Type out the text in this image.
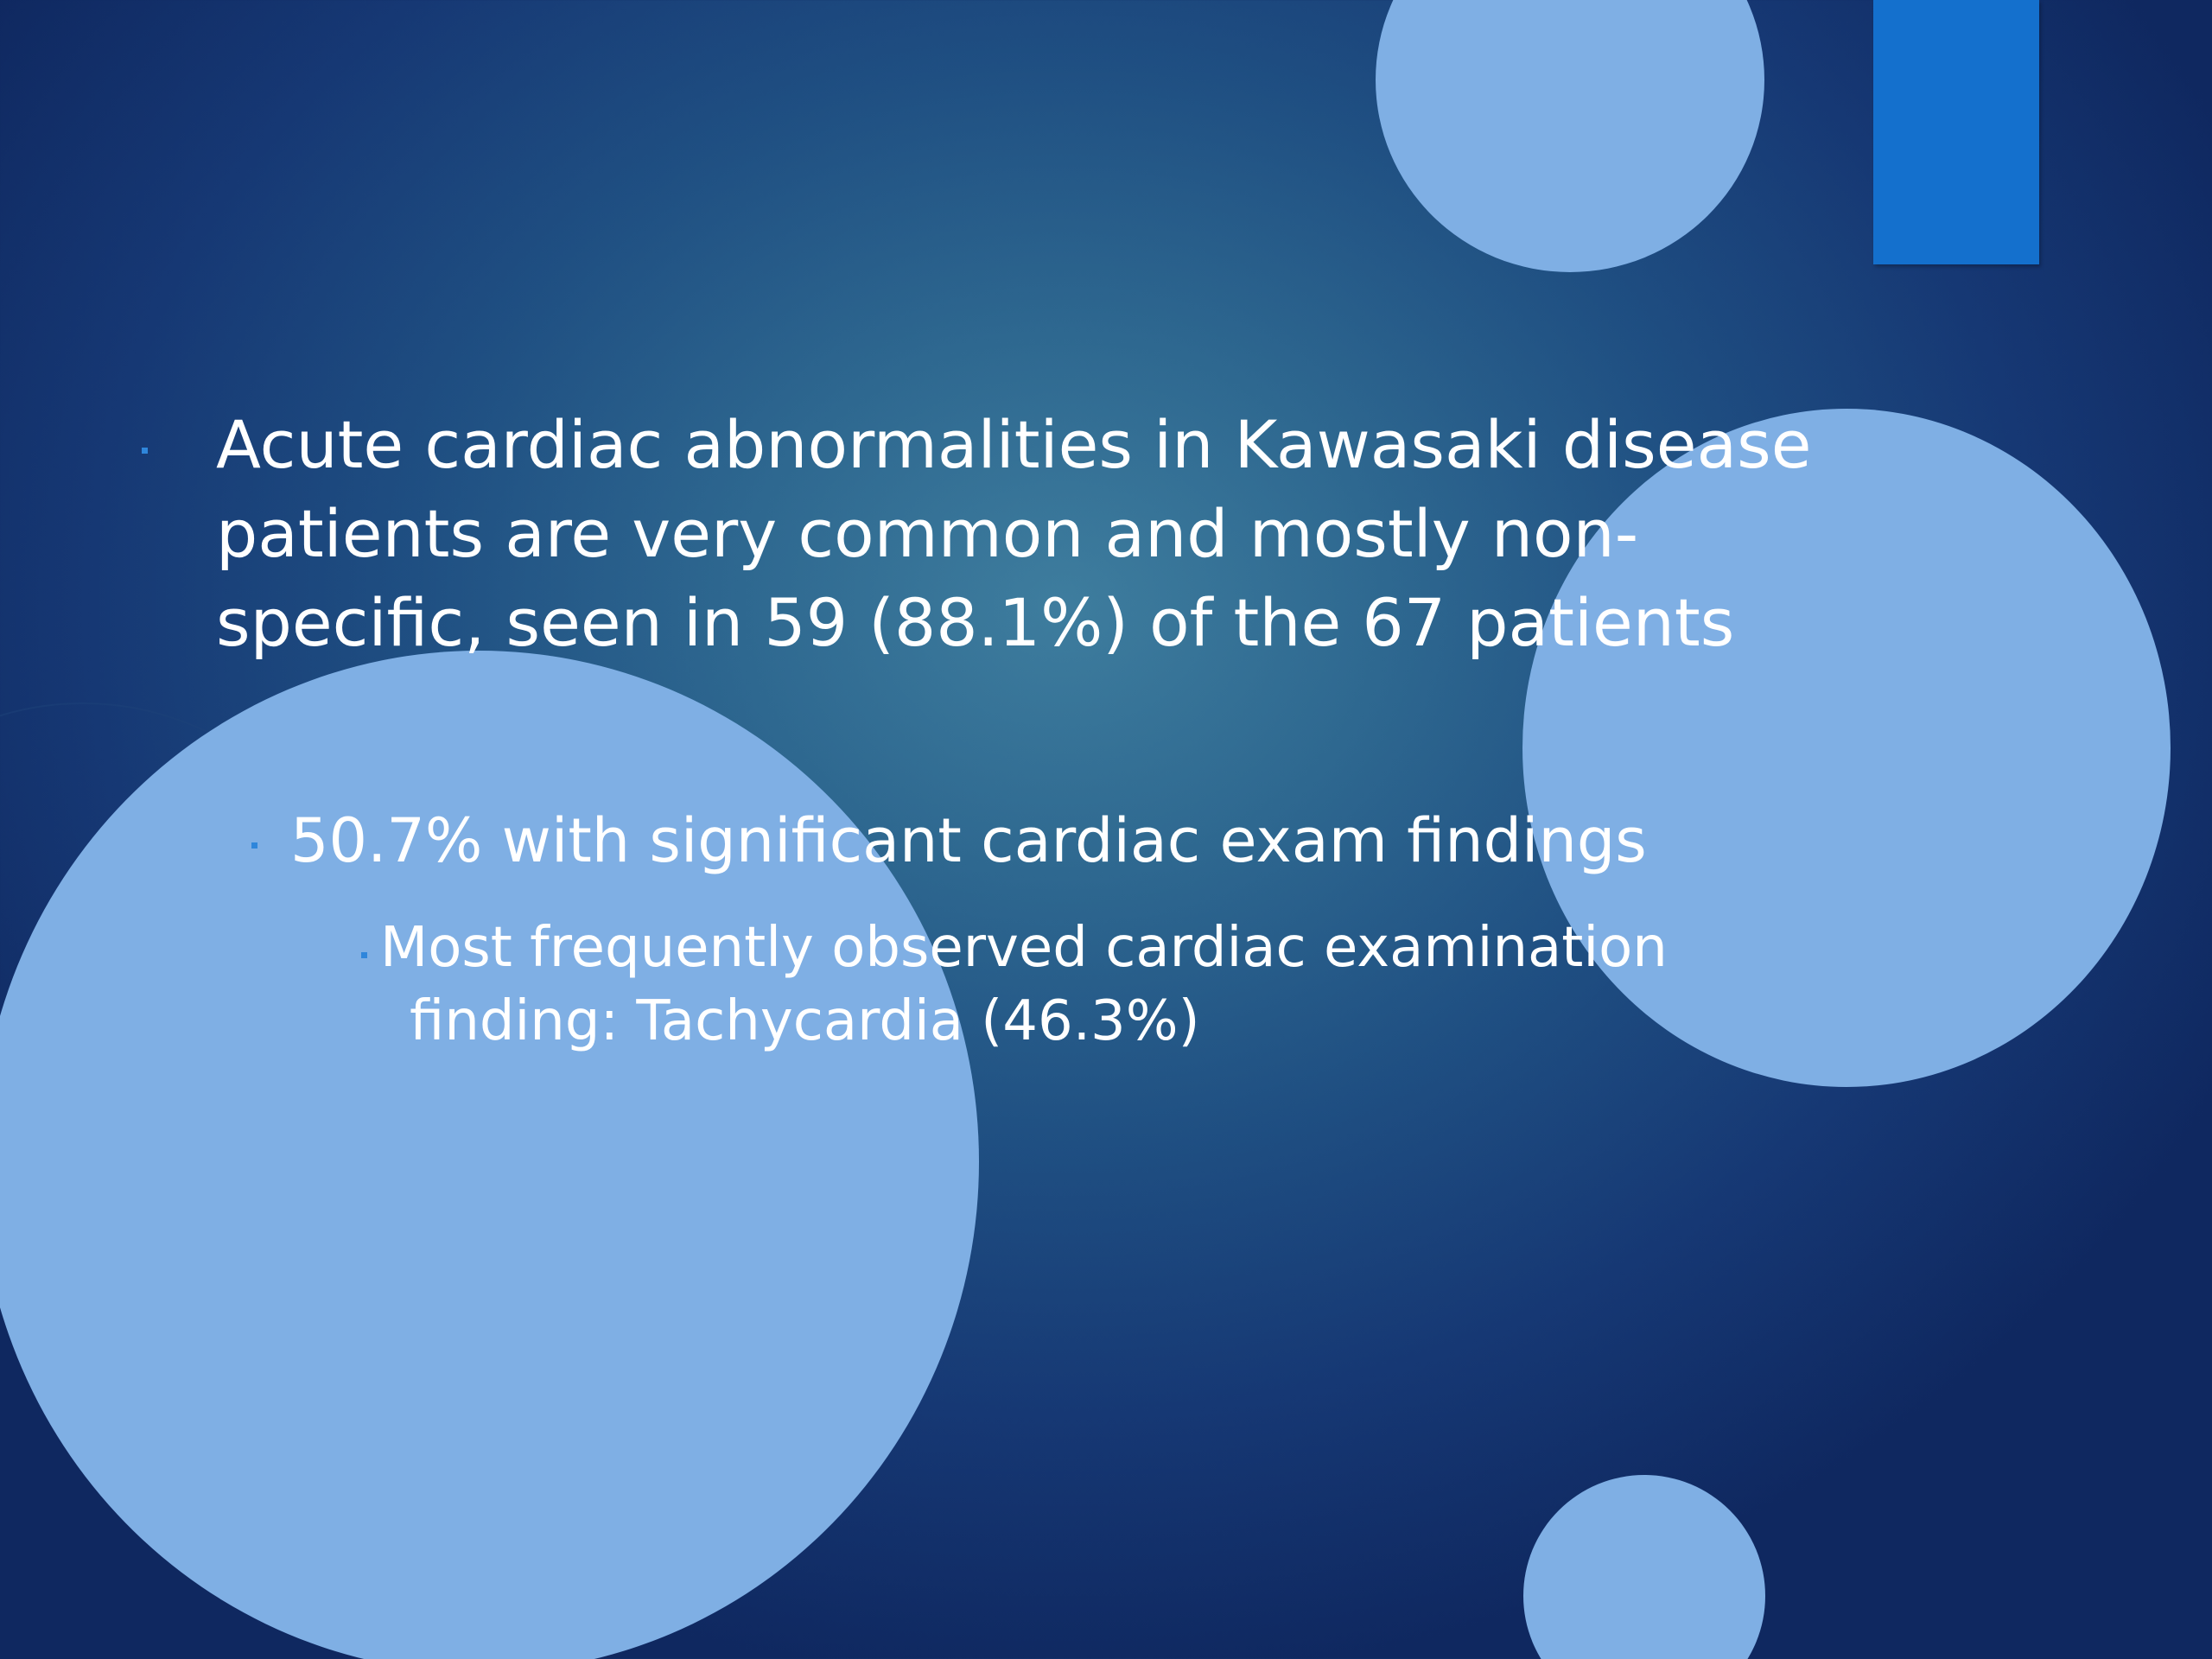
Acute cardiac abnormalities in Kawasaki disease
patients are very common and mostly non-
specific, seen in 59 (88.1%) of the 67 patients
50.7% with significant cardiac exam findings
Most frequently observed cardiac examination
finding: Tachycardia (46.3%)
